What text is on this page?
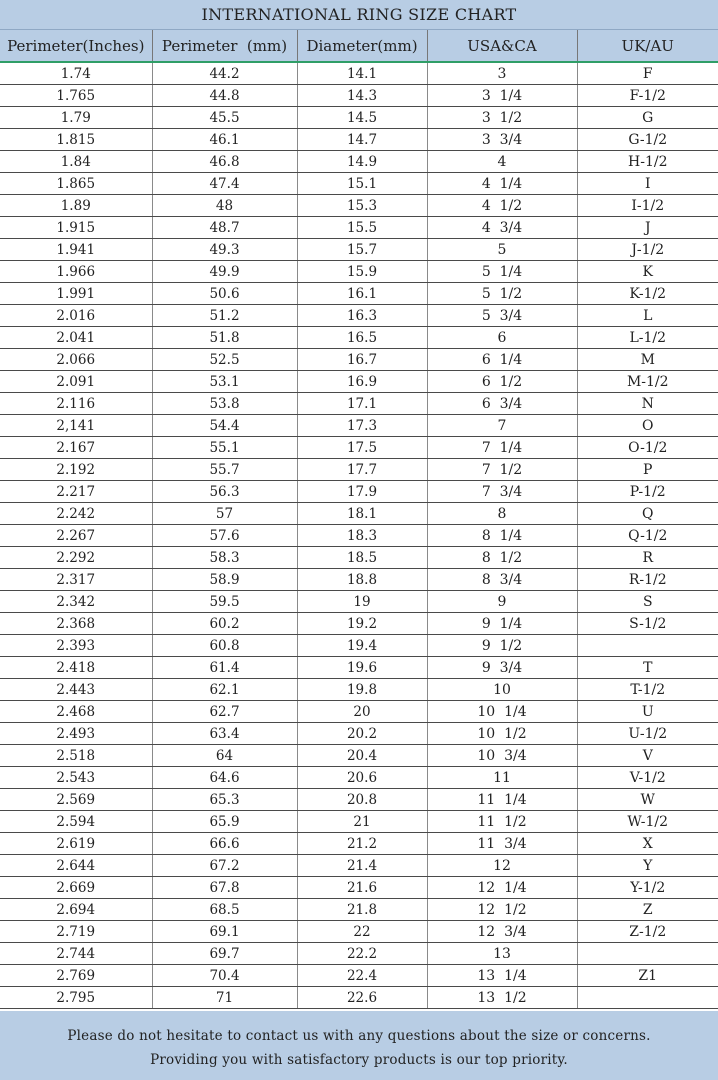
INTERNATIONAL RING SIZE CHART
Perimeter(Inches)	Perimeter  (mm)	Diameter(mm)	USA&CA	UK/AU
1.74	44.2	14.1	3	F
1.765	44.8	14.3	3  1/4	F-1/2
1.79	45.5	14.5	3  1/2	G
1.815	46.1	14.7	3  3/4	G-1/2
1.84	46.8	14.9	4	H-1/2
1.865	47.4	15.1	4  1/4	I
1.89	48	15.3	4  1/2	I-1/2
1.915	48.7	15.5	4  3/4	J
1.941	49.3	15.7	5	J-1/2
1.966	49.9	15.9	5  1/4	K
1.991	50.6	16.1	5  1/2	K-1/2
2.016	51.2	16.3	5  3/4	L
2.041	51.8	16.5	6	L-1/2
2.066	52.5	16.7	6  1/4	M
2.091	53.1	16.9	6  1/2	M-1/2
2.116	53.8	17.1	6  3/4	N
2,141	54.4	17.3	7	O
2.167	55.1	17.5	7  1/4	O-1/2
2.192	55.7	17.7	7  1/2	P
2.217	56.3	17.9	7  3/4	P-1/2
2.242	57	18.1	8	Q
2.267	57.6	18.3	8  1/4	Q-1/2
2.292	58.3	18.5	8  1/2	R
2.317	58.9	18.8	8  3/4	R-1/2
2.342	59.5	19	9	S
2.368	60.2	19.2	9  1/4	S-1/2
2.393	60.8	19.4	9  1/2	
2.418	61.4	19.6	9  3/4	T
2.443	62.1	19.8	10	T-1/2
2.468	62.7	20	10  1/4	U
2.493	63.4	20.2	10  1/2	U-1/2
2.518	64	20.4	10  3/4	V
2.543	64.6	20.6	11	V-1/2
2.569	65.3	20.8	11  1/4	W
2.594	65.9	21	11  1/2	W-1/2
2.619	66.6	21.2	11  3/4	X
2.644	67.2	21.4	12	Y
2.669	67.8	21.6	12  1/4	Y-1/2
2.694	68.5	21.8	12  1/2	Z
2.719	69.1	22	12  3/4	Z-1/2
2.744	69.7	22.2	13	
2.769	70.4	22.4	13  1/4	Z1
2.795	71	22.6	13  1/2	
Please do not hesitate to contact us with any questions about the size or concerns.
Providing you with satisfactory products is our top priority.
